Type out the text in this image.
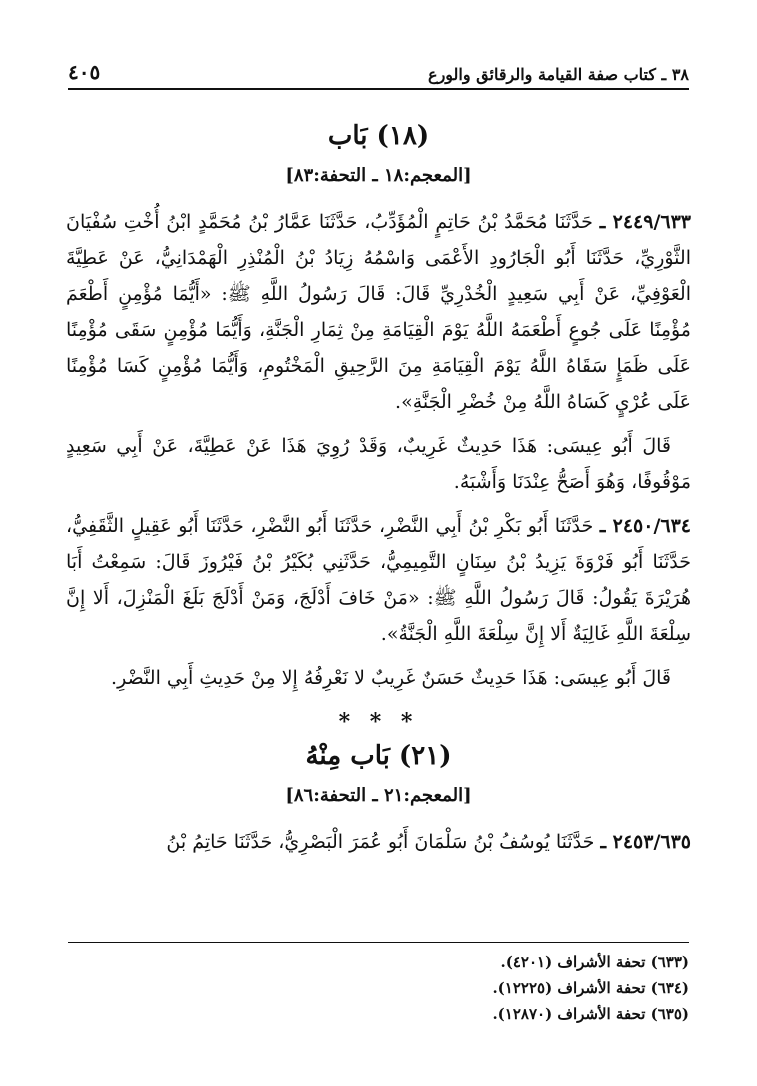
٤٠٥	٣٨ ـ كتاب صفة القيامة والرقائق والورع
(١٨) بَاب

[المعجم:١٨ ـ التحفة:٨٣]

٢٤٤٩/٦٣٣ ـ حَدَّثَنَا مُحَمَّدُ بْنُ حَاتِمٍ الْمُؤَدِّبُ، حَدَّثَنَا عَمَّارُ بْنُ مُحَمَّدٍ ابْنُ أُخْتِ سُفْيَانَ الثَّوْرِيِّ، حَدَّثَنَا أَبُو الْجَارُودِ الأَعْمَى وَاسْمُهُ زِيَادُ بْنُ الْمُنْذِرِ الْهَمْدَانِيُّ، عَنْ عَطِيَّةَ الْعَوْفِيِّ، عَنْ أَبِي سَعِيدٍ الْخُدْرِيِّ قَالَ: قَالَ رَسُولُ اللَّهِ ﷺ: «أَيُّمَا مُؤْمِنٍ أَطْعَمَ مُؤْمِنًا عَلَى جُوعٍ أَطْعَمَهُ اللَّهُ يَوْمَ الْقِيَامَةِ مِنْ ثِمَارِ الْجَنَّةِ، وَأَيُّمَا مُؤْمِنٍ سَقَى مُؤْمِنًا عَلَى ظَمَإٍ سَقَاهُ اللَّهُ يَوْمَ الْقِيَامَةِ مِنَ الرَّحِيقِ الْمَخْتُومِ، وَأَيُّمَا مُؤْمِنٍ كَسَا مُؤْمِنًا عَلَى عُرْيٍ كَسَاهُ اللَّهُ مِنْ خُضْرِ الْجَنَّةِ».

قَالَ أَبُو عِيسَى: هَذَا حَدِيثٌ غَرِيبٌ، وَقَدْ رُوِيَ هَذَا عَنْ عَطِيَّةَ، عَنْ أَبِي سَعِيدٍ مَوْقُوفًا، وَهُوَ أَصَحُّ عِنْدَنَا وَأَشْبَهُ.

٢٤٥٠/٦٣٤ ـ حَدَّثَنَا أَبُو بَكْرِ بْنُ أَبِي النَّضْرِ، حَدَّثَنَا أَبُو النَّضْرِ، حَدَّثَنَا أَبُو عَقِيلٍ الثَّقَفِيُّ، حَدَّثَنَا أَبُو فَرْوَةَ يَزِيدُ بْنُ سِنَانٍ التَّمِيمِيُّ، حَدَّثَنِي بُكَيْرُ بْنُ فَيْرُوزَ قَالَ: سَمِعْتُ أَبَا هُرَيْرَةَ يَقُولُ: قَالَ رَسُولُ اللَّهِ ﷺ: «مَنْ خَافَ أَدْلَجَ، وَمَنْ أَدْلَجَ بَلَغَ الْمَنْزِلَ، أَلا إِنَّ سِلْعَةَ اللَّهِ غَالِيَةٌ أَلا إِنَّ سِلْعَةَ اللَّهِ الْجَنَّةُ».

قَالَ أَبُو عِيسَى: هَذَا حَدِيثٌ حَسَنٌ غَرِيبٌ لا نَعْرِفُهُ إِلا مِنْ حَدِيثِ أَبِي النَّضْرِ.

* * *
(٢١) بَاب مِنْهُ

[المعجم:٢١ ـ التحفة:٨٦]

٢٤٥٣/٦٣٥ ـ حَدَّثَنَا يُوسُفُ بْنُ سَلْمَانَ أَبُو عُمَرَ الْبَصْرِيُّ، حَدَّثَنَا حَاتِمُ بْنُ

(٦٣٣) تحفة الأشراف (٤٢٠١).

(٦٣٤) تحفة الأشراف (١٢٢٢٥).

(٦٣٥) تحفة الأشراف (١٢٨٧٠).
